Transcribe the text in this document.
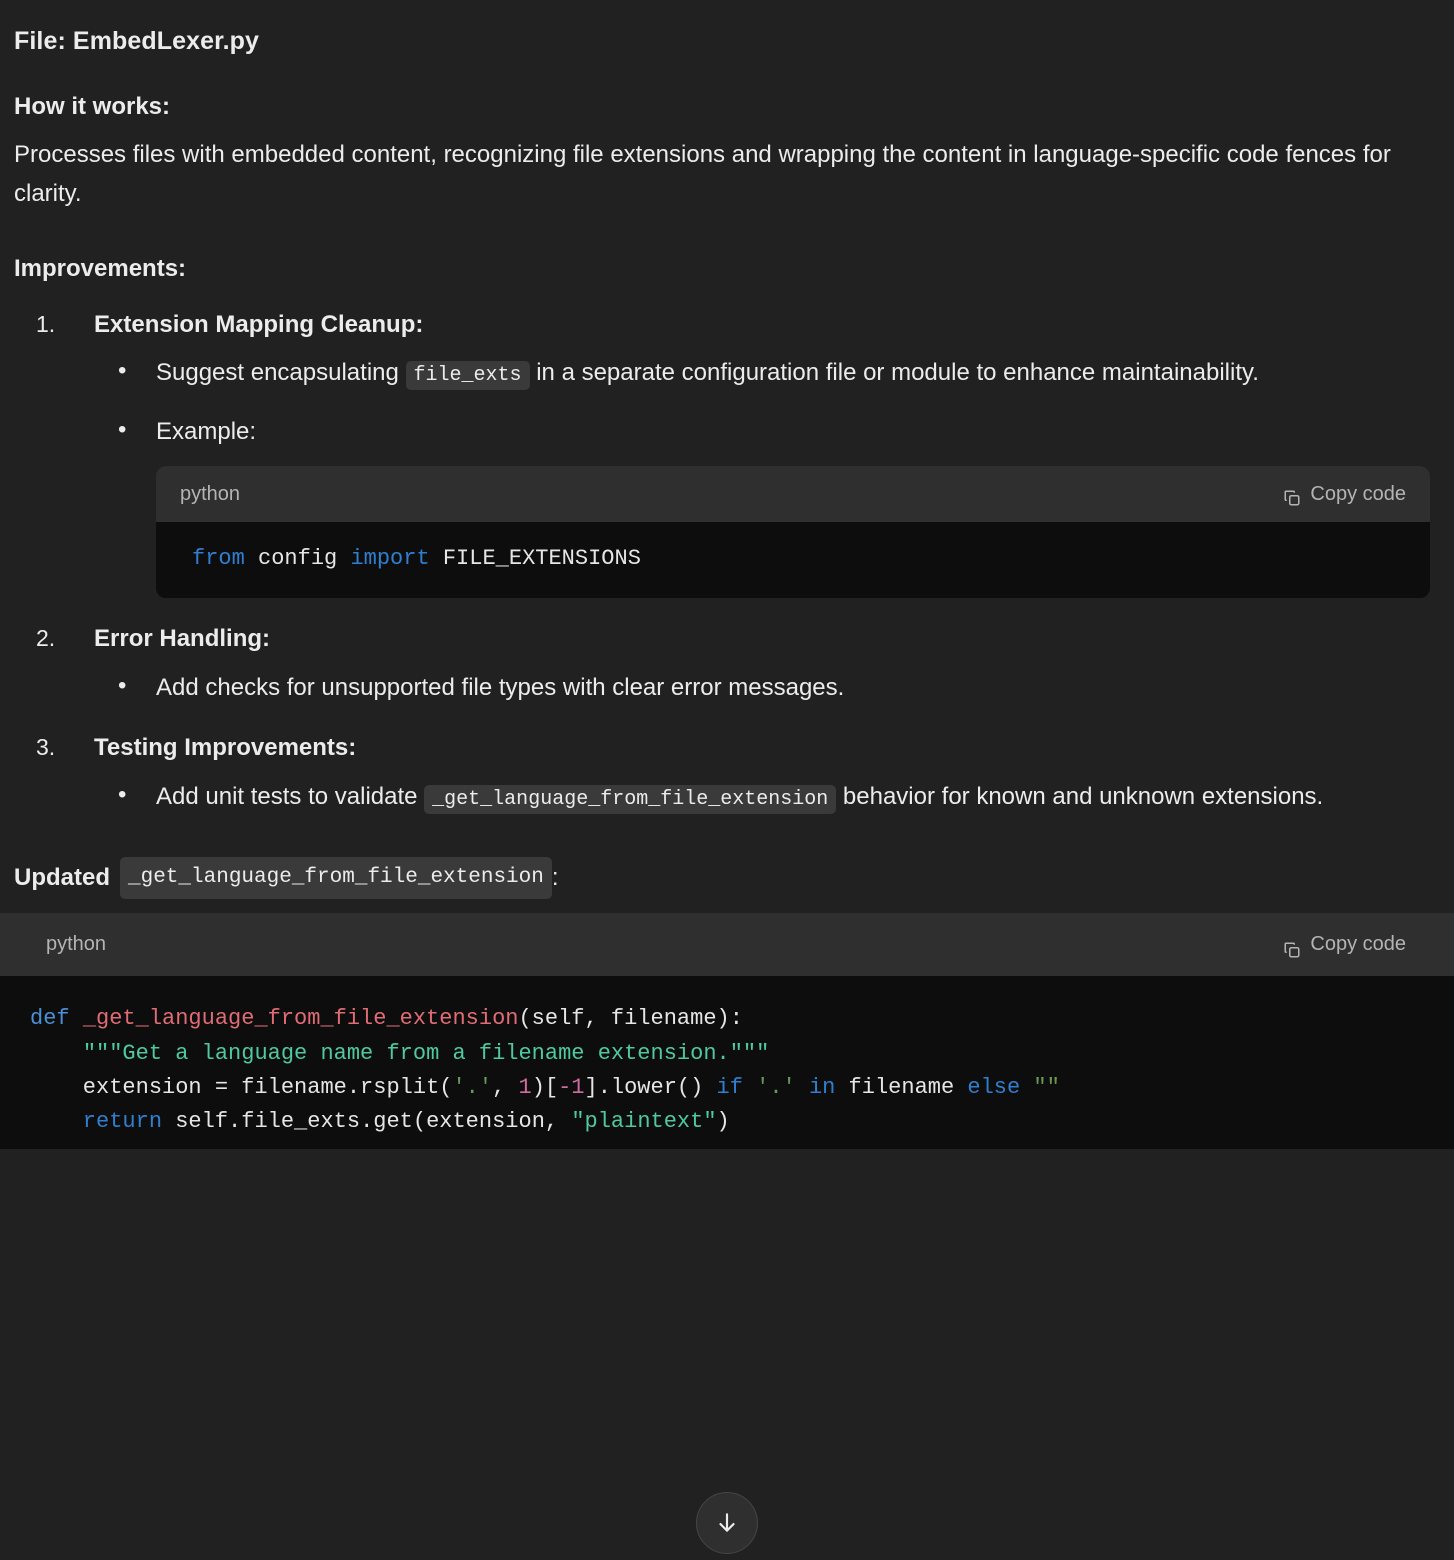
File: EmbedLexer.py
How it works:
Processes files with embedded content, recognizing file extensions and wrapping the content in language-specific code fences for clarity.
Improvements:
1. Extension Mapping Cleanup:
• Suggest encapsulating file_exts in a separate configuration file or module to enhance maintainability.
• Example:
python	Copy code
from config import FILE_EXTENSIONS
2. Error Handling:
• Add checks for unsupported file types with clear error messages.
3. Testing Improvements:
• Add unit tests to validate _get_language_from_file_extension behavior for known and unknown extensions.
Updated _get_language_from_file_extension :
python	Copy code
def _get_language_from_file_extension(self, filename):
"""Get a language name from a filename extension."""
extension = filename.rsplit('.', 1)[-1].lower() if '.' in filename else ""
return self.file_exts.get(extension, "plaintext")
